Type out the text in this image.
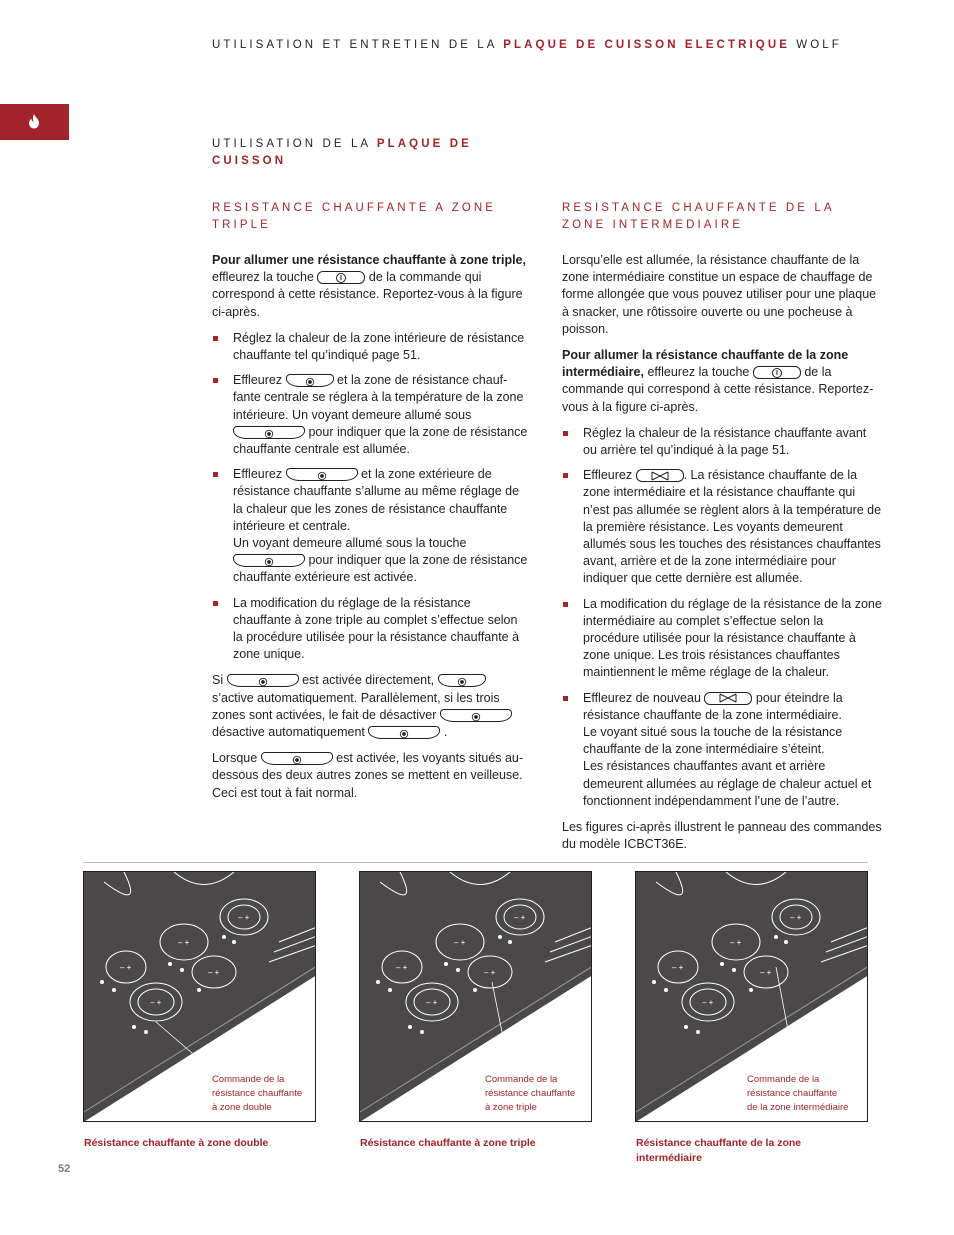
UTILISATION ET ENTRETIEN DE LA PLAQUE DE CUISSON ELECTRIQUE WOLF
UTILISATION DE LA PLAQUE DE CUISSON
RESISTANCE CHAUFFANTE A ZONE TRIPLE

Pour allumer une résistance chauffante à zone triple, effleurez la touche	de la commande qui correspond à cette résistance. Reportez-vous à la figure ci-après.

Réglez la chaleur de la zone intérieure de résistance chauffante tel qu’indiqué page 51.
Effleurez	et la zone de résistance chauffante centrale se réglera à la température de la zone intérieure. Un voyant demeure allumé sous
pour indiquer que la zone de résistance chauffante centrale est allumée.
Effleurez	et la zone extérieure de résistance chauffante s’allume au même réglage de la chaleur que les zones de résistance chauffante intérieure et centrale.
Un voyant demeure allumé sous la touche
pour indiquer que la zone de résistance chauffante extérieure est activée.
La modification du réglage de la résistance chauffante à zone triple au complet s’effectue selon la procédure utilisée pour la résistance chauffante à zone unique.

Si	est activée directement,
s’active automatiquement. Parallèlement, si les trois zones sont activées, le fait de désactiver
désactive automatiquement	.

Lorsque	est activée, les voyants situés au-dessous des deux autres zones se mettent en veilleuse. Ceci est tout à fait normal.

RESISTANCE CHAUFFANTE DE LA ZONE INTERMEDIAIRE

Lorsqu’elle est allumée, la résistance chauffante de la zone intermédiaire constitue un espace de chauffage de forme allongée que vous pouvez utiliser pour une plaque à snacker, une rôtissoire ouverte ou une pocheuse à poisson.

Pour allumer la résistance chauffante de la zone intermédiaire, effleurez la touche	de la commande qui correspond à cette résistance. Reportez-vous à la figure ci-après.

Réglez la chaleur de la résistance chauffante avant ou arrière tel qu’indiqué à la page 51.
Effleurez	. La résistance chauffante de la zone intermédiaire et la résistance chauffante qui n’est pas allumée se règlent alors à la température de la première résistance. Les voyants demeurent allumés sous les touches des résistances chauffantes avant, arrière et de la zone intermédiaire pour indiquer que cette dernière est allumée.
La modification du réglage de la résistance de la zone intermédiaire au complet s’effectue selon la procédure utilisée pour la résistance chauffante à zone unique. Les trois résistances chauffantes maintiennent le même réglage de la chaleur.
Effleurez de nouveau	pour éteindre la résistance chauffante de la zone intermédiaire.
Le voyant situé sous la touche de la résistance chauffante de la zone intermédiaire s’éteint.
Les résistances chauffantes avant et arrière demeurent allumées au réglage de chaleur actuel et fonctionnent indépendamment l’une de l’autre.

Les figures ci-après illustrent le panneau des commandes du modèle ICBCT36E.

Commande de la
résistance chauffante
à zone double
Commande de la
résistance chauffante
à zone triple
Commande de la
résistance chauffante
de la zone intermédiaire
Résistance chauffante à zone double	Résistance chauffante à zone triple	Résistance chauffante de la zone intermédiaire
52
